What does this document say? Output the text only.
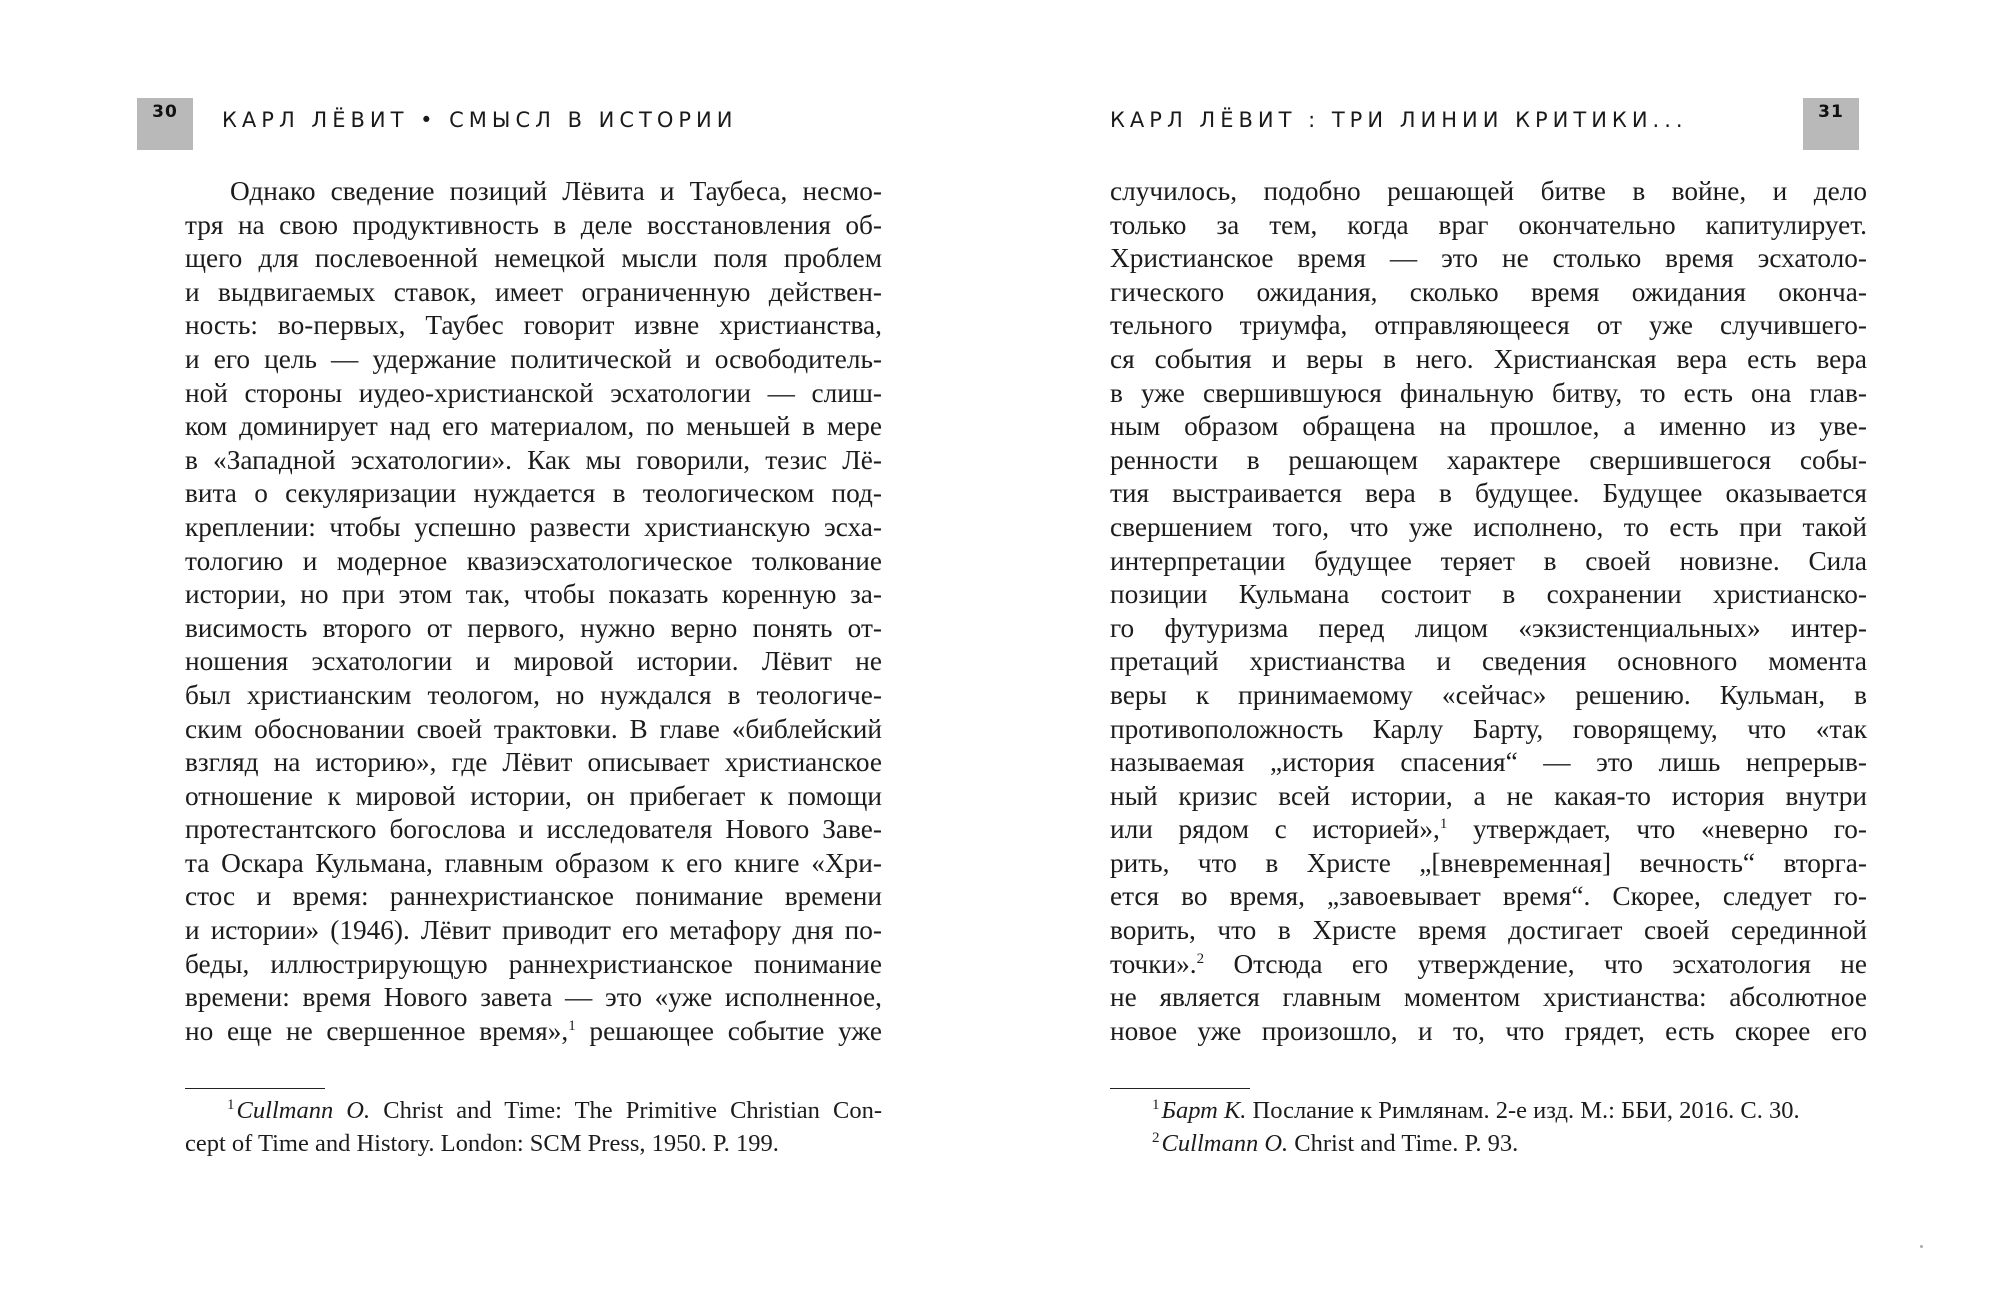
30 КАРЛ ЛЁВИТ • СМЫСЛ В ИСТОРИИ
Однако сведение позиций Лёвита и Таубеса, несмо-
тря на свою продуктивность в деле восстановления об-
щего для послевоенной немецкой мысли поля проблем
и выдвигаемых ставок, имеет ограниченную действен-
ность: во-первых, Таубес говорит извне христианства,
и его цель — удержание политической и освободитель-
ной стороны иудео-христианской эсхатологии — слиш-
ком доминирует над его материалом, по меньшей в мере
в «Западной эсхатологии». Как мы говорили, тезис Лё-
вита о секуляризации нуждается в теологическом под-
креплении: чтобы успешно развести христианскую эсха-
тологию и модерное квазиэсхатологическое толкование
истории, но при этом так, чтобы показать коренную за-
висимость второго от первого, нужно верно понять от-
ношения эсхатологии и мировой истории. Лёвит не
был христианским теологом, но нуждался в теологиче-
ским обосновании своей трактовки. В главе «библейский
взгляд на историю», где Лёвит описывает христианское
отношение к мировой истории, он прибегает к помощи
протестантского богослова и исследователя Нового Заве-
та Оскара Кульмана, главным образом к его книге «Хри-
стос и время: раннехристианское понимание времени
и истории» (1946). Лёвит приводит его метафору дня по-
беды, иллюстрирующую раннехристианское понимание
времени: время Нового завета — это «уже исполненное,
но еще не свершенное время»,$^1$ решающее событие уже
$^1$ Cullmann O. Christ and Time: The Primitive Christian Con-
cept of Time and History. London: SCM Press, 1950. P. 199.
КАРЛ ЛЁВИТ : ТРИ ЛИНИИ КРИТИКИ...	31
случилось, подобно решающей битве в войне, и дело
только за тем, когда враг окончательно капитулирует.
Христианское время — это не столько время эсхатоло-
гического ожидания, сколько время ожидания оконча-
тельного триумфа, отправляющееся от уже случившего-
ся события и веры в него. Христианская вера есть вера
в уже свершившуюся финальную битву, то есть она глав-
ным образом обращена на прошлое, а именно из уве-
ренности в решающем характере свершившегося собы-
тия выстраивается вера в будущее. Будущее оказывается
свершением того, что уже исполнено, то есть при такой
интерпретации будущее теряет в своей новизне. Сила
позиции Кульмана состоит в сохранении христианско-
го футуризма перед лицом «экзистенциальных» интер-
претаций христианства и сведения основного момента
веры к принимаемому «сейчас» решению. Кульман, в
противоположность Карлу Барту, говорящему, что «так
называемая „история спасения“ — это лишь непрерыв-
ный кризис всей истории, а не какая-то история внутри
или рядом с историей»,$^1$ утверждает, что «неверно го-
рить, что в Христе „[вневременная] вечность“ вторга-
ется во время, „завоевывает время“. Скорее, следует го-
ворить, что в Христе время достигает своей серединной
точки».$^2$ Отсюда его утверждение, что эсхатология не
не является главным моментом христианства: абсолютное
новое уже произошло, и то, что грядет, есть скорее его
$^1$ Барт К. Послание к Римлянам. 2-е изд. М.: ББИ, 2016. С. 30.
$^2$ Cullmann O. Christ and Time. P. 93.
